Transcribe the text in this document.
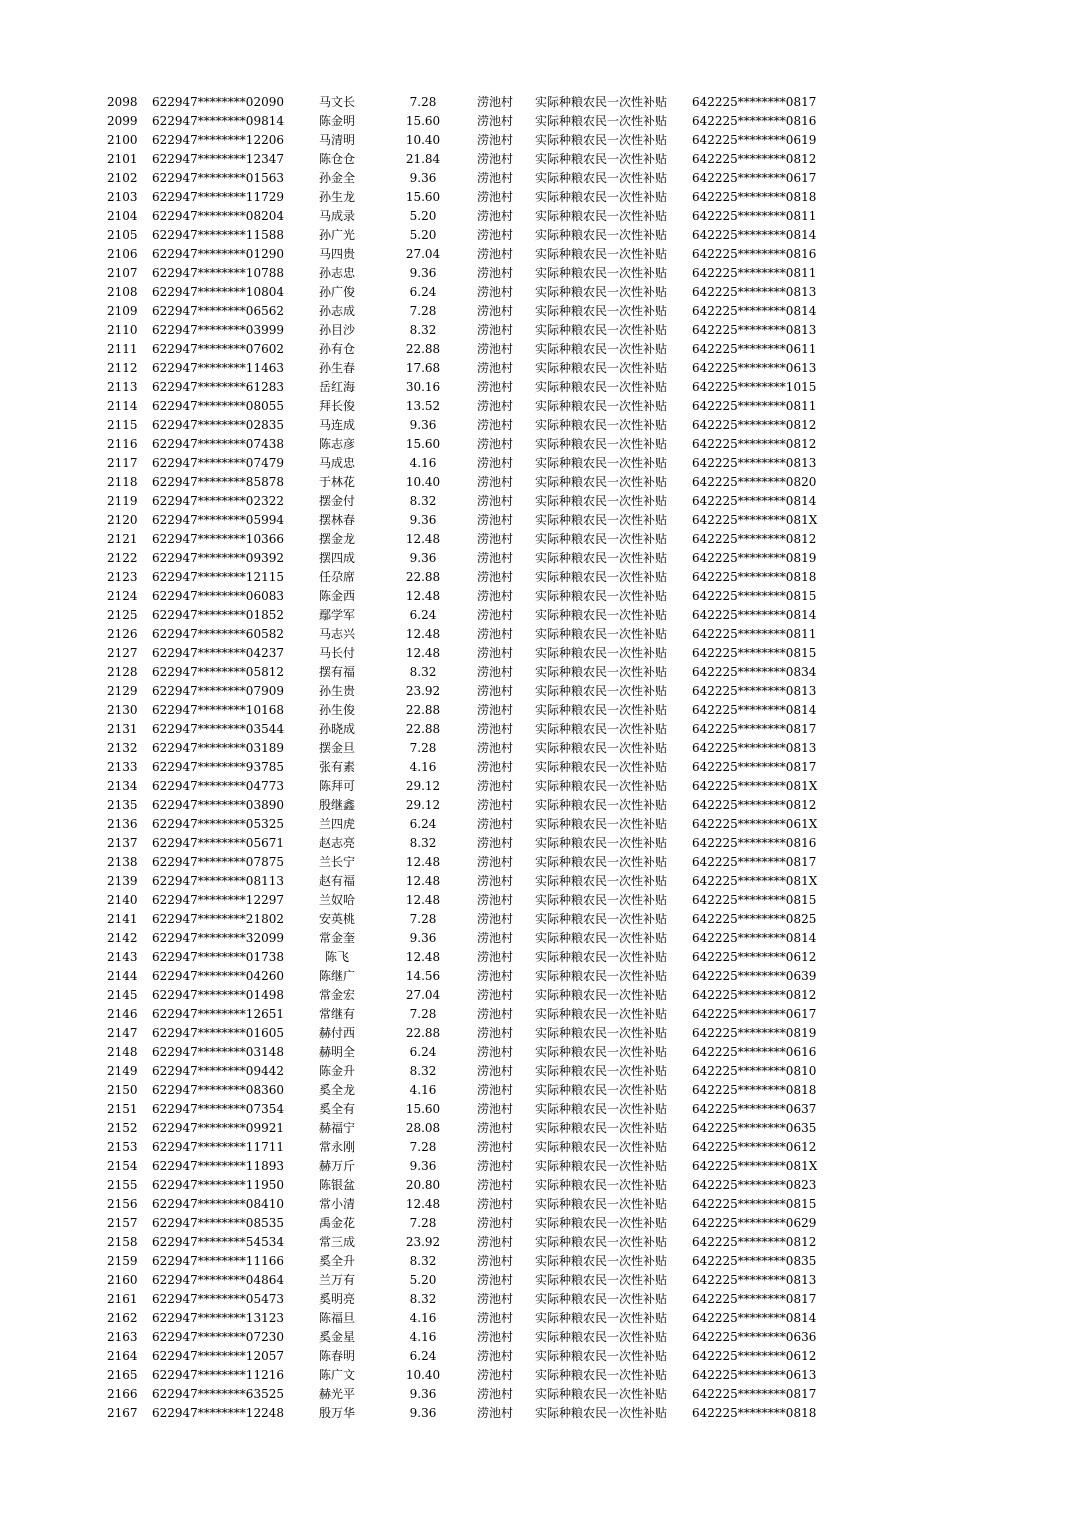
2098 622947********02090	马文长	7.28	涝池村	实际种粮农民一次性补贴	642225********0817
2099 622947********09814	陈金明	15.60	涝池村	实际种粮农民一次性补贴	642225********0816
2100 622947********12206	马清明	10.40	涝池村	实际种粮农民一次性补贴	642225********0619
2101 622947********12347	陈仓仓	21.84	涝池村	实际种粮农民一次性补贴	642225********0812
2102 622947********01563	孙金全	9.36	涝池村	实际种粮农民一次性补贴	642225********0617
2103 622947********11729	孙生龙	15.60	涝池村	实际种粮农民一次性补贴	642225********0818
2104 622947********08204	马成录	5.20	涝池村	实际种粮农民一次性补贴	642225********0811
2105 622947********11588	孙广光	5.20	涝池村	实际种粮农民一次性补贴	642225********0814
2106 622947********01290	马四贵	27.04	涝池村	实际种粮农民一次性补贴	642225********0816
2107 622947********10788	孙志忠	9.36	涝池村	实际种粮农民一次性补贴	642225********0811
2108 622947********10804	孙广俊	6.24	涝池村	实际种粮农民一次性补贴	642225********0813
2109 622947********06562	孙志成	7.28	涝池村	实际种粮农民一次性补贴	642225********0814
2110 622947********03999	孙目沙	8.32	涝池村	实际种粮农民一次性补贴	642225********0813
2111 622947********07602	孙有仓	22.88	涝池村	实际种粮农民一次性补贴	642225********0611
2112 622947********11463	孙生春	17.68	涝池村	实际种粮农民一次性补贴	642225********0613
2113 622947********61283	岳红海	30.16	涝池村	实际种粮农民一次性补贴	642225********1015
2114 622947********08055	拜长俊	13.52	涝池村	实际种粮农民一次性补贴	642225********0811
2115 622947********02835	马连成	9.36	涝池村	实际种粮农民一次性补贴	642225********0812
2116 622947********07438	陈志彦	15.60	涝池村	实际种粮农民一次性补贴	642225********0812
2117 622947********07479	马成忠	4.16	涝池村	实际种粮农民一次性补贴	642225********0813
2118 622947********85878	于林花	10.40	涝池村	实际种粮农民一次性补贴	642225********0820
2119 622947********02322	摆金付	8.32	涝池村	实际种粮农民一次性补贴	642225********0814
2120 622947********05994	摆林春	9.36	涝池村	实际种粮农民一次性补贴	642225********081X
2121 622947********10366	摆金龙	12.48	涝池村	实际种粮农民一次性补贴	642225********0812
2122 622947********09392	摆四成	9.36	涝池村	实际种粮农民一次性补贴	642225********0819
2123 622947********12115	任尕席	22.88	涝池村	实际种粮农民一次性补贴	642225********0818
2124 622947********06083	陈金西	12.48	涝池村	实际种粮农民一次性补贴	642225********0815
2125 622947********01852	鄢学军	6.24	涝池村	实际种粮农民一次性补贴	642225********0814
2126 622947********60582	马志兴	12.48	涝池村	实际种粮农民一次性补贴	642225********0811
2127 622947********04237	马长付	12.48	涝池村	实际种粮农民一次性补贴	642225********0815
2128 622947********05812	摆有福	8.32	涝池村	实际种粮农民一次性补贴	642225********0834
2129 622947********07909	孙生贵	23.92	涝池村	实际种粮农民一次性补贴	642225********0813
2130 622947********10168	孙生俊	22.88	涝池村	实际种粮农民一次性补贴	642225********0814
2131 622947********03544	孙晓成	22.88	涝池村	实际种粮农民一次性补贴	642225********0817
2132 622947********03189	摆金旦	7.28	涝池村	实际种粮农民一次性补贴	642225********0813
2133 622947********93785	张有素	4.16	涝池村	实际种粮农民一次性补贴	642225********0817
2134 622947********04773	陈拜可	29.12	涝池村	实际种粮农民一次性补贴	642225********081X
2135 622947********03890	殷继鑫	29.12	涝池村	实际种粮农民一次性补贴	642225********0812
2136 622947********05325	兰四虎	6.24	涝池村	实际种粮农民一次性补贴	642225********061X
2137 622947********05671	赵志亮	8.32	涝池村	实际种粮农民一次性补贴	642225********0816
2138 622947********07875	兰长宁	12.48	涝池村	实际种粮农民一次性补贴	642225********0817
2139 622947********08113	赵有福	12.48	涝池村	实际种粮农民一次性补贴	642225********081X
2140 622947********12297	兰奴哈	12.48	涝池村	实际种粮农民一次性补贴	642225********0815
2141 622947********21802	安英桃	7.28	涝池村	实际种粮农民一次性补贴	642225********0825
2142 622947********32099	常金奎	9.36	涝池村	实际种粮农民一次性补贴	642225********0814
2143 622947********01738	陈飞	12.48	涝池村	实际种粮农民一次性补贴	642225********0612
2144 622947********04260	陈继广	14.56	涝池村	实际种粮农民一次性补贴	642225********0639
2145 622947********01498	常金宏	27.04	涝池村	实际种粮农民一次性补贴	642225********0812
2146 622947********12651	常继有	7.28	涝池村	实际种粮农民一次性补贴	642225********0617
2147 622947********01605	赫付西	22.88	涝池村	实际种粮农民一次性补贴	642225********0819
2148 622947********03148	赫明全	6.24	涝池村	实际种粮农民一次性补贴	642225********0616
2149 622947********09442	陈金升	8.32	涝池村	实际种粮农民一次性补贴	642225********0810
2150 622947********08360	奚全龙	4.16	涝池村	实际种粮农民一次性补贴	642225********0818
2151 622947********07354	奚全有	15.60	涝池村	实际种粮农民一次性补贴	642225********0637
2152 622947********09921	赫福宁	28.08	涝池村	实际种粮农民一次性补贴	642225********0635
2153 622947********11711	常永刚	7.28	涝池村	实际种粮农民一次性补贴	642225********0612
2154 622947********11893	赫万斤	9.36	涝池村	实际种粮农民一次性补贴	642225********081X
2155 622947********11950	陈银盆	20.80	涝池村	实际种粮农民一次性补贴	642225********0823
2156 622947********08410	常小清	12.48	涝池村	实际种粮农民一次性补贴	642225********0815
2157 622947********08535	禹金花	7.28	涝池村	实际种粮农民一次性补贴	642225********0629
2158 622947********54534	常三成	23.92	涝池村	实际种粮农民一次性补贴	642225********0812
2159 622947********11166	奚全升	8.32	涝池村	实际种粮农民一次性补贴	642225********0835
2160 622947********04864	兰万有	5.20	涝池村	实际种粮农民一次性补贴	642225********0813
2161 622947********05473	奚明亮	8.32	涝池村	实际种粮农民一次性补贴	642225********0817
2162 622947********13123	陈福旦	4.16	涝池村	实际种粮农民一次性补贴	642225********0814
2163 622947********07230	奚金星	4.16	涝池村	实际种粮农民一次性补贴	642225********0636
2164 622947********12057	陈春明	6.24	涝池村	实际种粮农民一次性补贴	642225********0612
2165 622947********11216	陈广文	10.40	涝池村	实际种粮农民一次性补贴	642225********0613
2166 622947********63525	赫光平	9.36	涝池村	实际种粮农民一次性补贴	642225********0817
2167 622947********12248	殷万华	9.36	涝池村	实际种粮农民一次性补贴	642225********0818
